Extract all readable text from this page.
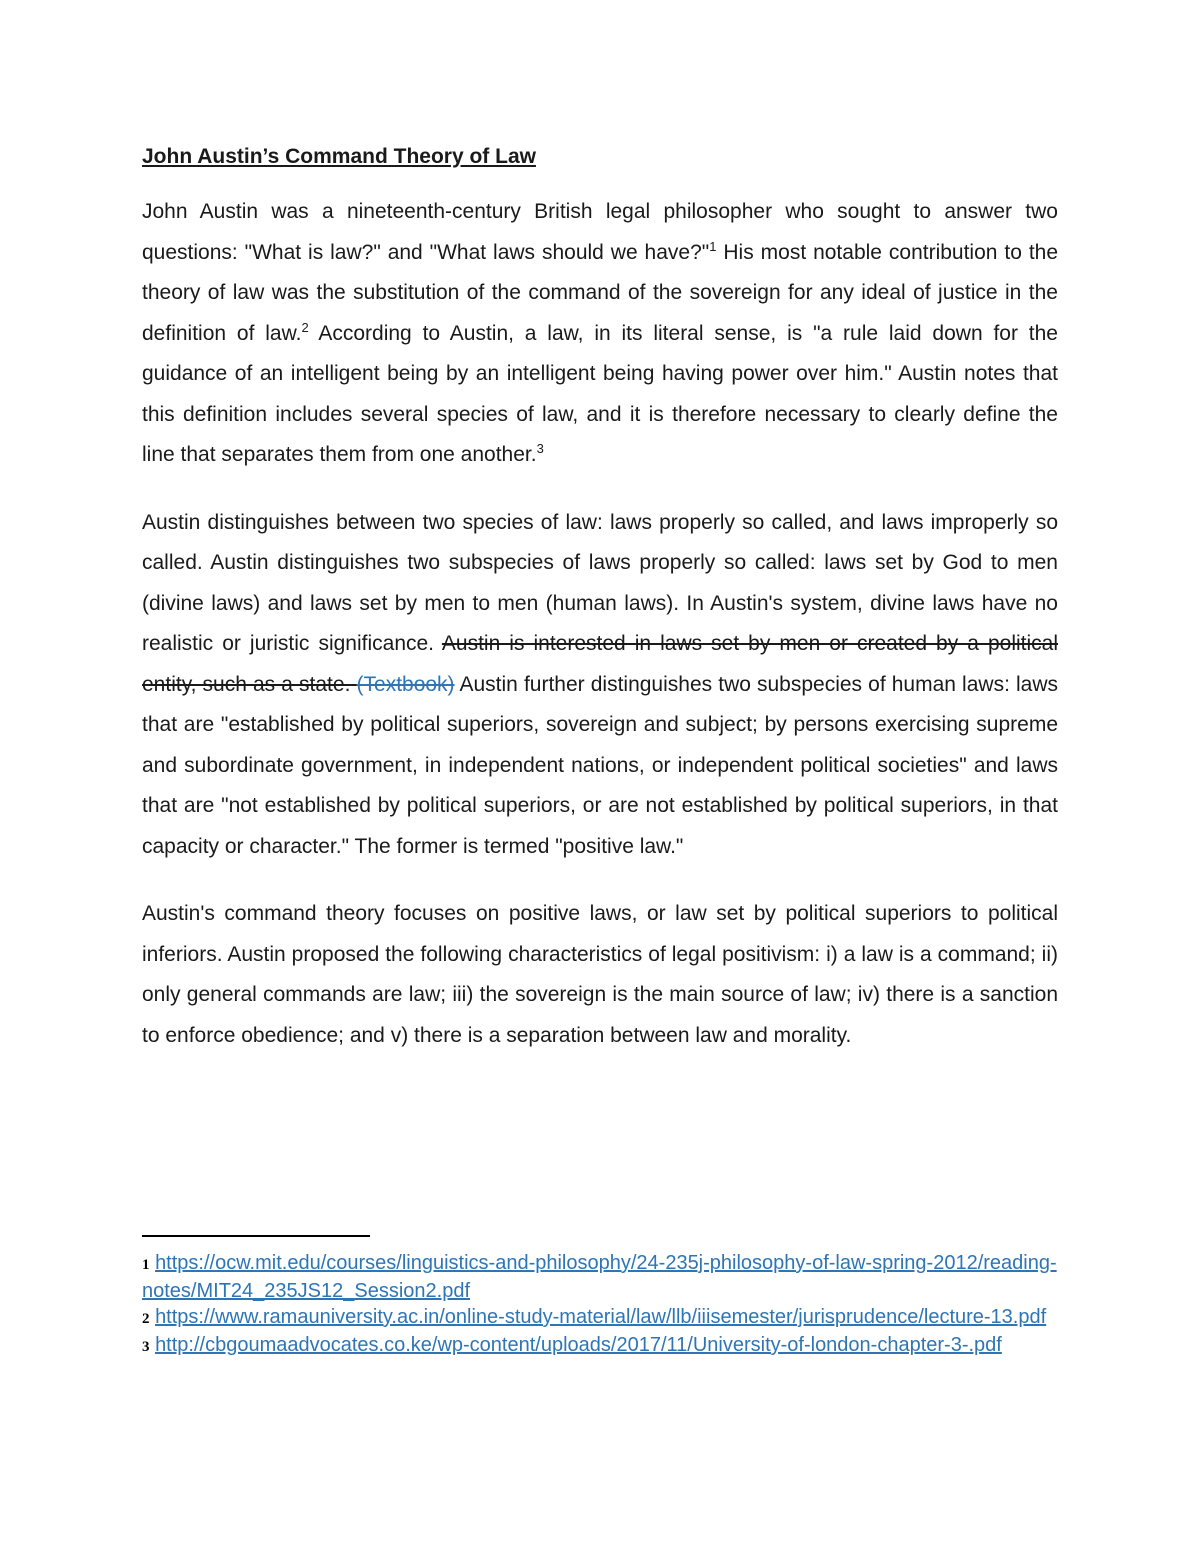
John Austin’s Command Theory of Law

John Austin was a nineteenth-century British legal philosopher who sought to answer two questions: "What is law?" and "What laws should we have?"$^1$ His most notable contribution to the theory of law was the substitution of the command of the sovereign for any ideal of justice in the definition of law.$^2$ According to Austin, a law, in its literal sense, is "a rule laid down for the guidance of an intelligent being by an intelligent being having power over him." Austin notes that this definition includes several species of law, and it is therefore necessary to clearly define the line that separates them from one another.$^3$

Austin distinguishes between two species of law: laws properly so called, and laws improperly so called. Austin distinguishes two subspecies of laws properly so called: laws set by God to men (divine laws) and laws set by men to men (human laws). In Austin's system, divine laws have no realistic or juristic significance. Austin is interested in laws set by men or created by a political entity, such as a state. (Textbook) Austin further distinguishes two subspecies of human laws: laws that are "established by political superiors, sovereign and subject; by persons exercising supreme and subordinate government, in independent nations, or independent political societies" and laws that are "not established by political superiors, or are not established by political superiors, in that capacity or character." The former is termed "positive law."

Austin's command theory focuses on positive laws, or law set by political superiors to political inferiors. Austin proposed the following characteristics of legal positivism: i) a law is a command; ii) only general commands are law; iii) the sovereign is the main source of law; iv) there is a sanction to enforce obedience; and v) there is a separation between law and morality.

1 https://ocw.mit.edu/courses/linguistics-and-philosophy/24-235j-philosophy-of-law-spring-2012/reading-notes/MIT24_235JS12_Session2.pdf

2 https://www.ramauniversity.ac.in/online-study-material/law/llb/iiisemester/jurisprudence/lecture-13.pdf

3 http://cbgoumaadvocates.co.ke/wp-content/uploads/2017/11/University-of-london-chapter-3-.pdf
